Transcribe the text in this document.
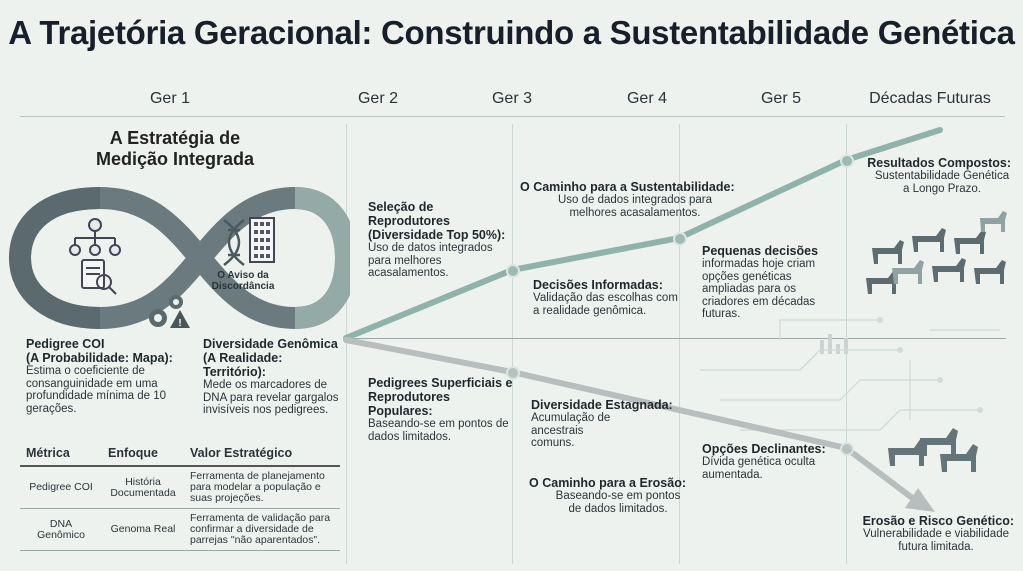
A Trajetória Geracional: Construindo a Sustentabilidade Genética
Ger 1	Ger 2	Ger 3	Ger 4	Ger 5	Décadas Futuras
A Estratégia de
Medição Integrada
!
O Aviso da
Discordância
Pedigree COI
(A Probabilidade: Mapa):
Estima o coeficiente de consanguinidade em uma profundidade mínima de 10 gerações.
Diversidade Genômica
(A Realidade: Território):
Mede os marcadores de DNA para revelar gargalos invisíveis nos pedigrees.
Métrica	Enfoque	Valor Estratégico
Pedigree COI	História Documentada	Ferramenta de planejamento para modelar a população e suas projeções.
DNA Genômico	Genoma Real	Ferramenta de validação para confirmar a diversidade de parrejas "não aparentados".
Seleção de Reprodutores (Diversidade Top 50%):
Uso de datos integrados para melhores acasalamentos.
O Caminho para a Sustentabilidade:
Uso de dados integrados para melhores acasalamentos.
Decisões Informadas:
Validação das escolhas com a realidade genômica.
Pequenas decisões
informadas hoje criam opções genéticas ampliadas para os criadores em décadas futuras.
Resultados Compostos:
Sustentabilidade Genética a Longo Prazo.
Pedigrees Superficiais e Reprodutores Populares:
Baseando-se em pontos de dados limitados.
Diversidade Estagnada:
Acumulação de ancestrais comuns.
O Caminho para a Erosão:
Baseando-se em pontos de dados limitados.
Opções Declinantes:
Dívida genética oculta aumentada.
Erosão e Risco Genético:
Vulnerabilidade e viabilidade futura limitada.
